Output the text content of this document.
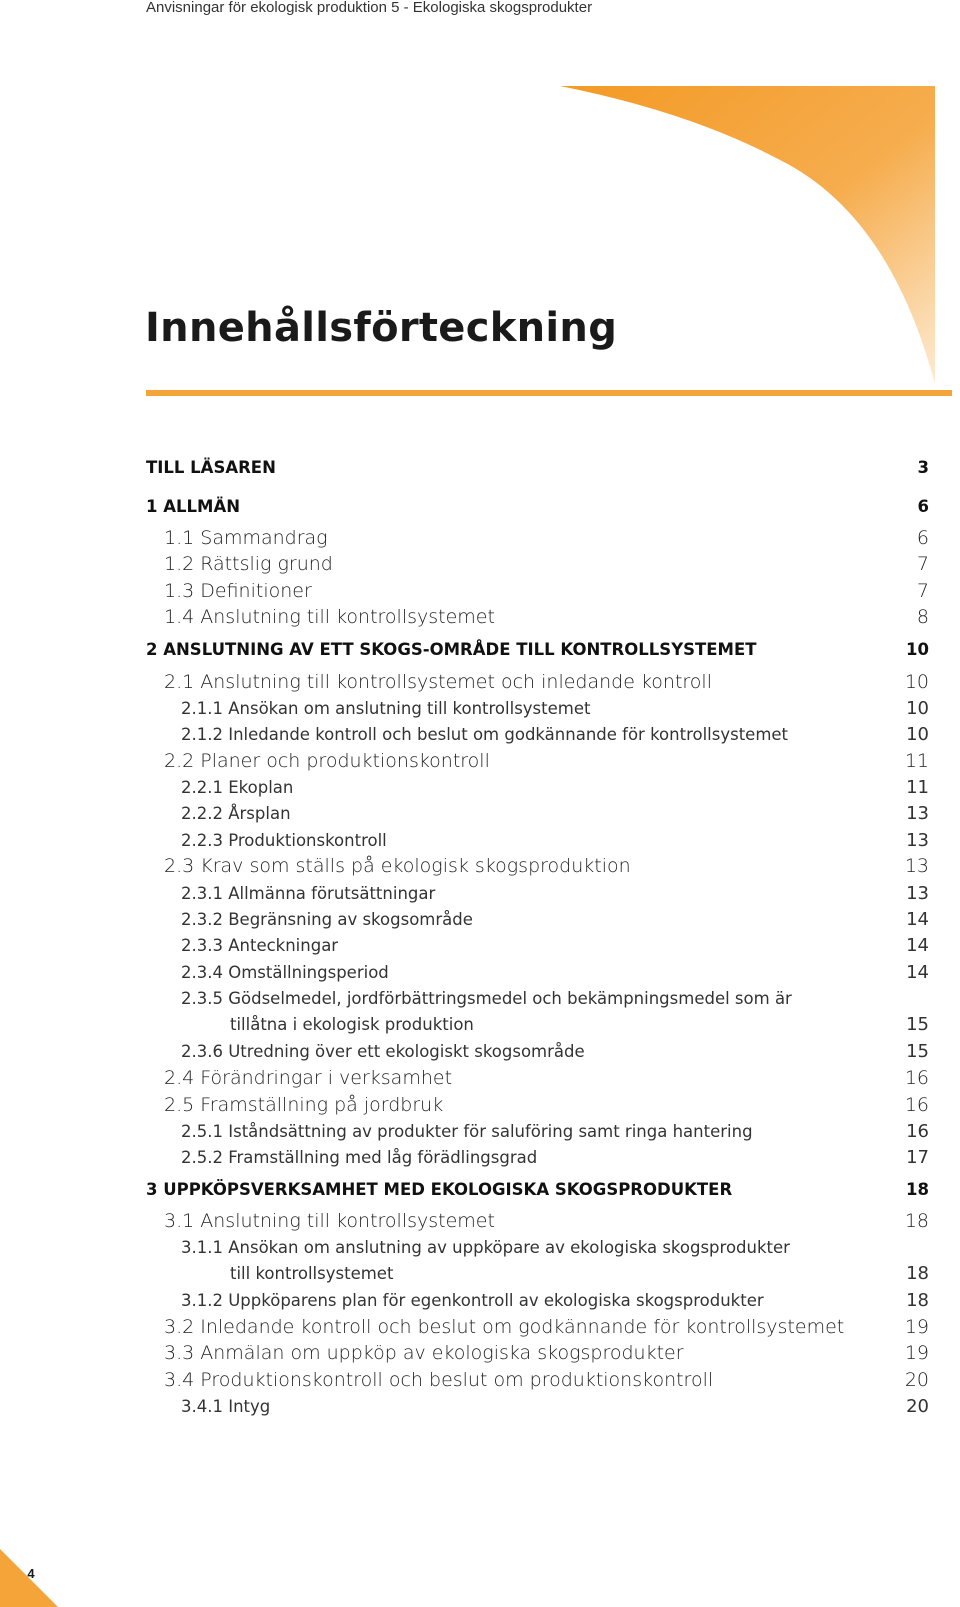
Anvisningar för ekologisk produktion 5 - Ekologiska skogsprodukter
Innehållsförteckning
TILL LÄSAREN	3
1 ALLMÄN	6
1.1 Sammandrag	6
1.2 Rättslig grund	7
1.3 Definitioner	7
1.4 Anslutning till kontrollsystemet	8
2 ANSLUTNING AV ETT SKOGS-OMRÅDE TILL KONTROLLSYSTEMET	10
2.1 Anslutning till kontrollsystemet och inledande kontroll	10
2.1.1 Ansökan om anslutning till kontrollsystemet	10
2.1.2 Inledande kontroll och beslut om godkännande för kontrollsystemet	10
2.2 Planer och produktionskontroll	11
2.2.1 Ekoplan	11
2.2.2 Årsplan	13
2.2.3 Produktionskontroll	13
2.3 Krav som ställs på ekologisk skogsproduktion	13
2.3.1 Allmänna förutsättningar	13
2.3.2 Begränsning av skogsområde	14
2.3.3 Anteckningar	14
2.3.4 Omställningsperiod	14
2.3.5 Gödselmedel, jordförbättringsmedel och bekämpningsmedel som är
tillåtna i ekologisk produktion	15
2.3.6 Utredning över ett ekologiskt skogsområde	15
2.4 Förändringar i verksamhet	16
2.5 Framställning på jordbruk	16
2.5.1 Iståndsättning av produkter för saluföring samt ringa hantering	16
2.5.2 Framställning med låg förädlingsgrad	17
3 UPPKÖPSVERKSAMHET MED EKOLOGISKA SKOGSPRODUKTER	18
3.1 Anslutning till kontrollsystemet	18
3.1.1 Ansökan om anslutning av uppköpare av ekologiska skogsprodukter
till kontrollsystemet	18
3.1.2 Uppköparens plan för egenkontroll av ekologiska skogsprodukter	18
3.2 Inledande kontroll och beslut om godkännande för kontrollsystemet	19
3.3 Anmälan om uppköp av ekologiska skogsprodukter	19
3.4 Produktionskontroll och beslut om produktionskontroll	20
3.4.1 Intyg	20
4
